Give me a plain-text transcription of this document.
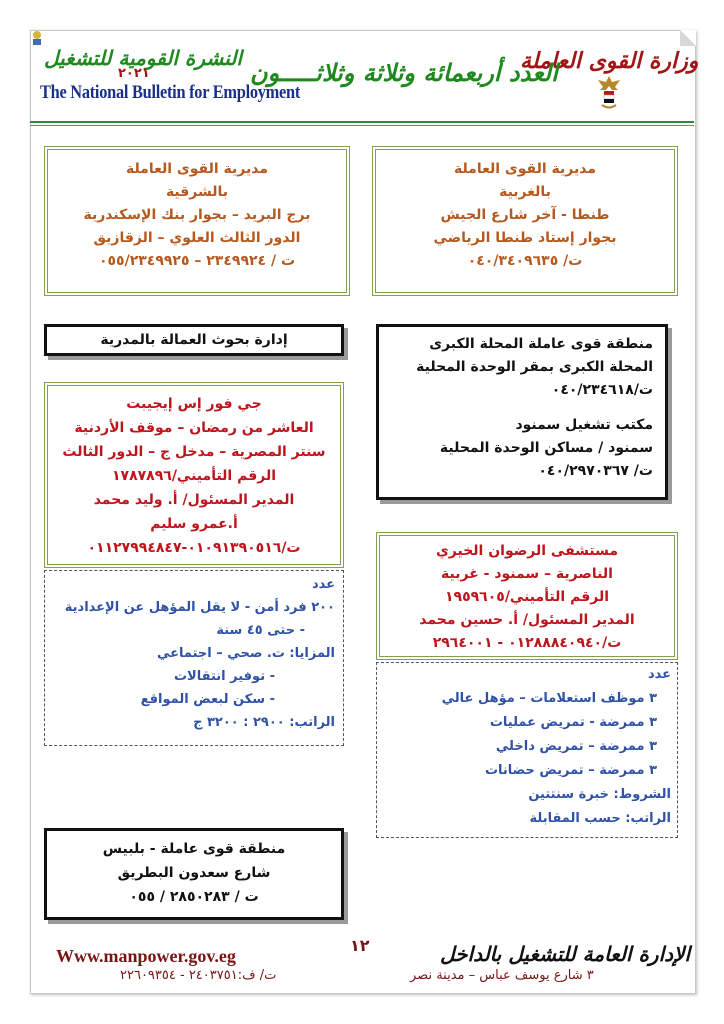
وزارة القوى العاملة
العدد أربعمائة وثلاثة وثلاثـــــون
النشرة القومية للتشغيل
٢٠٢١
The National Bulletin for Employment
مديرية القوى العاملة
بالغربية
طنطا - آخر شارع الجيش
بجوار إستاد طنطا الرياضي
ت/ ٠٤٠/٣٤٠٩٦٣٥
مديرية القوى العاملة
بالشرقية
برج البريد – بجوار بنك الإسكندرية
الدور الثالث العلوي – الزقازيق
ت / ٢٣٤٩٩٢٤ – ٠٥٥/٢٣٤٩٩٢٥
إدارة بحوث العمالة بالمدرية	منطقة قوى عاملة المحلة الكبرى
المحلة الكبرى بمقر الوحدة المحلية
ت/٠٤٠/٢٣٤٦١٨
مكتب تشغيل سمنود
سمنود / مساكن الوحدة المحلية
ت/ ٠٤٠/٢٩٧٠٣٦٧
جي فور إس إيجيبت
العاشر من رمضان – موقف الأردنية
سنتر المصرية – مدخل ج – الدور الثالث
الرقم التأميني/١٧٨٧٨٩٦
المدير المسئول/ أ. وليد محمد
أ.عمرو سليم
ت/٠١٠٩١٣٩٠٥١٦-٠١١٢٧٩٩٤٨٤٧
عدد
٢٠٠ فرد أمن - لا يقل المؤهل عن الإعدادية
- حتى ٤٥ سنة
المزايا: ت. صحي – اجتماعي
- توفير انتقالات
- سكن لبعض المواقع
الراتب: ٢٩٠٠ : ٣٢٠٠ ج
مستشفى الرضوان الخيري
الناصرية – سمنود - غربية
الرقم التأميني/١٩٥٩٦٠٥
المدير المسئول/ أ. حسين محمد
ت/٠١٢٨٨٨٤٠٩٤٠ - ٢٩٦٤٠٠١
عدد
٣ موظف استعلامات – مؤهل عالي
٣ ممرضة - تمريض عمليات
٣ ممرضة – تمريض داخلي
٣ ممرضة – تمريض حضانات
الشروط: خبرة سنتتين
الراتب: حسب المقابلة
منطقة قوى عاملة - بلبيس
شارع سعدون البطريق
ت / ٢٨٥٠٢٨٣ / ٠٥٥
Www.manpower.gov.eg
١٢	الإدارة العامة للتشغيل بالداخل
٣ شارع يوسف عباس – مدينة نصر
ت/ ف:٢٤٠٣٧٥١ - ٢٢٦٠٩٣٥٤
